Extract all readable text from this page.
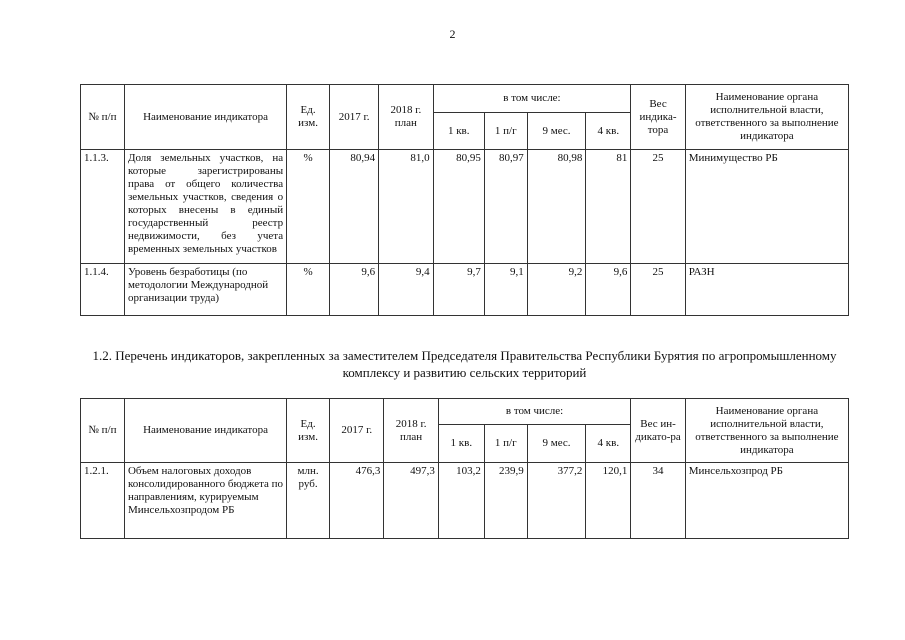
2
№ п/п	Наименование индикатора	Ед. изм.	2017 г.	2018 г. план	в том числе:				Вес индика-тора	Наименование органа исполнительной власти, ответственного за выполнение индикатора
					1 кв.	1 п/г	9 мес.	4 кв.		
1.1.3.	Доля земельных участков, на которые зарегистрированы права от общего количества земельных участков, сведения о которых внесены в единый государственный реестр недвижимости, без учета временных земельных участков	%	80,94	81,0	80,95	80,97	80,98	81	25	Минимущество РБ
1.1.4.	Уровень безработицы (по методологии Международной организации труда)	%	9,6	9,4	9,7	9,1	9,2	9,6	25	РАЗН
1.2. Перечень индикаторов, закрепленных за заместителем Председателя Правительства Республики Бурятия по агропромышленному комплексу и развитию сельских территорий
№ п/п	Наименование индикатора	Ед. изм.	2017 г.	2018 г. план	в том числе:				Вес ин-дикато-ра	Наименование органа исполнительной власти, ответственного за выполнение индикатора
					1 кв.	1 п/г	9 мес.	4 кв.		
1.2.1.	Объем налоговых доходов консолидированного бюджета по направлениям, курируемым Минсельхозпродом РБ	млн. руб.	476,3	497,3	103,2	239,9	377,2	120,1	34	Минсельхозпрод РБ
